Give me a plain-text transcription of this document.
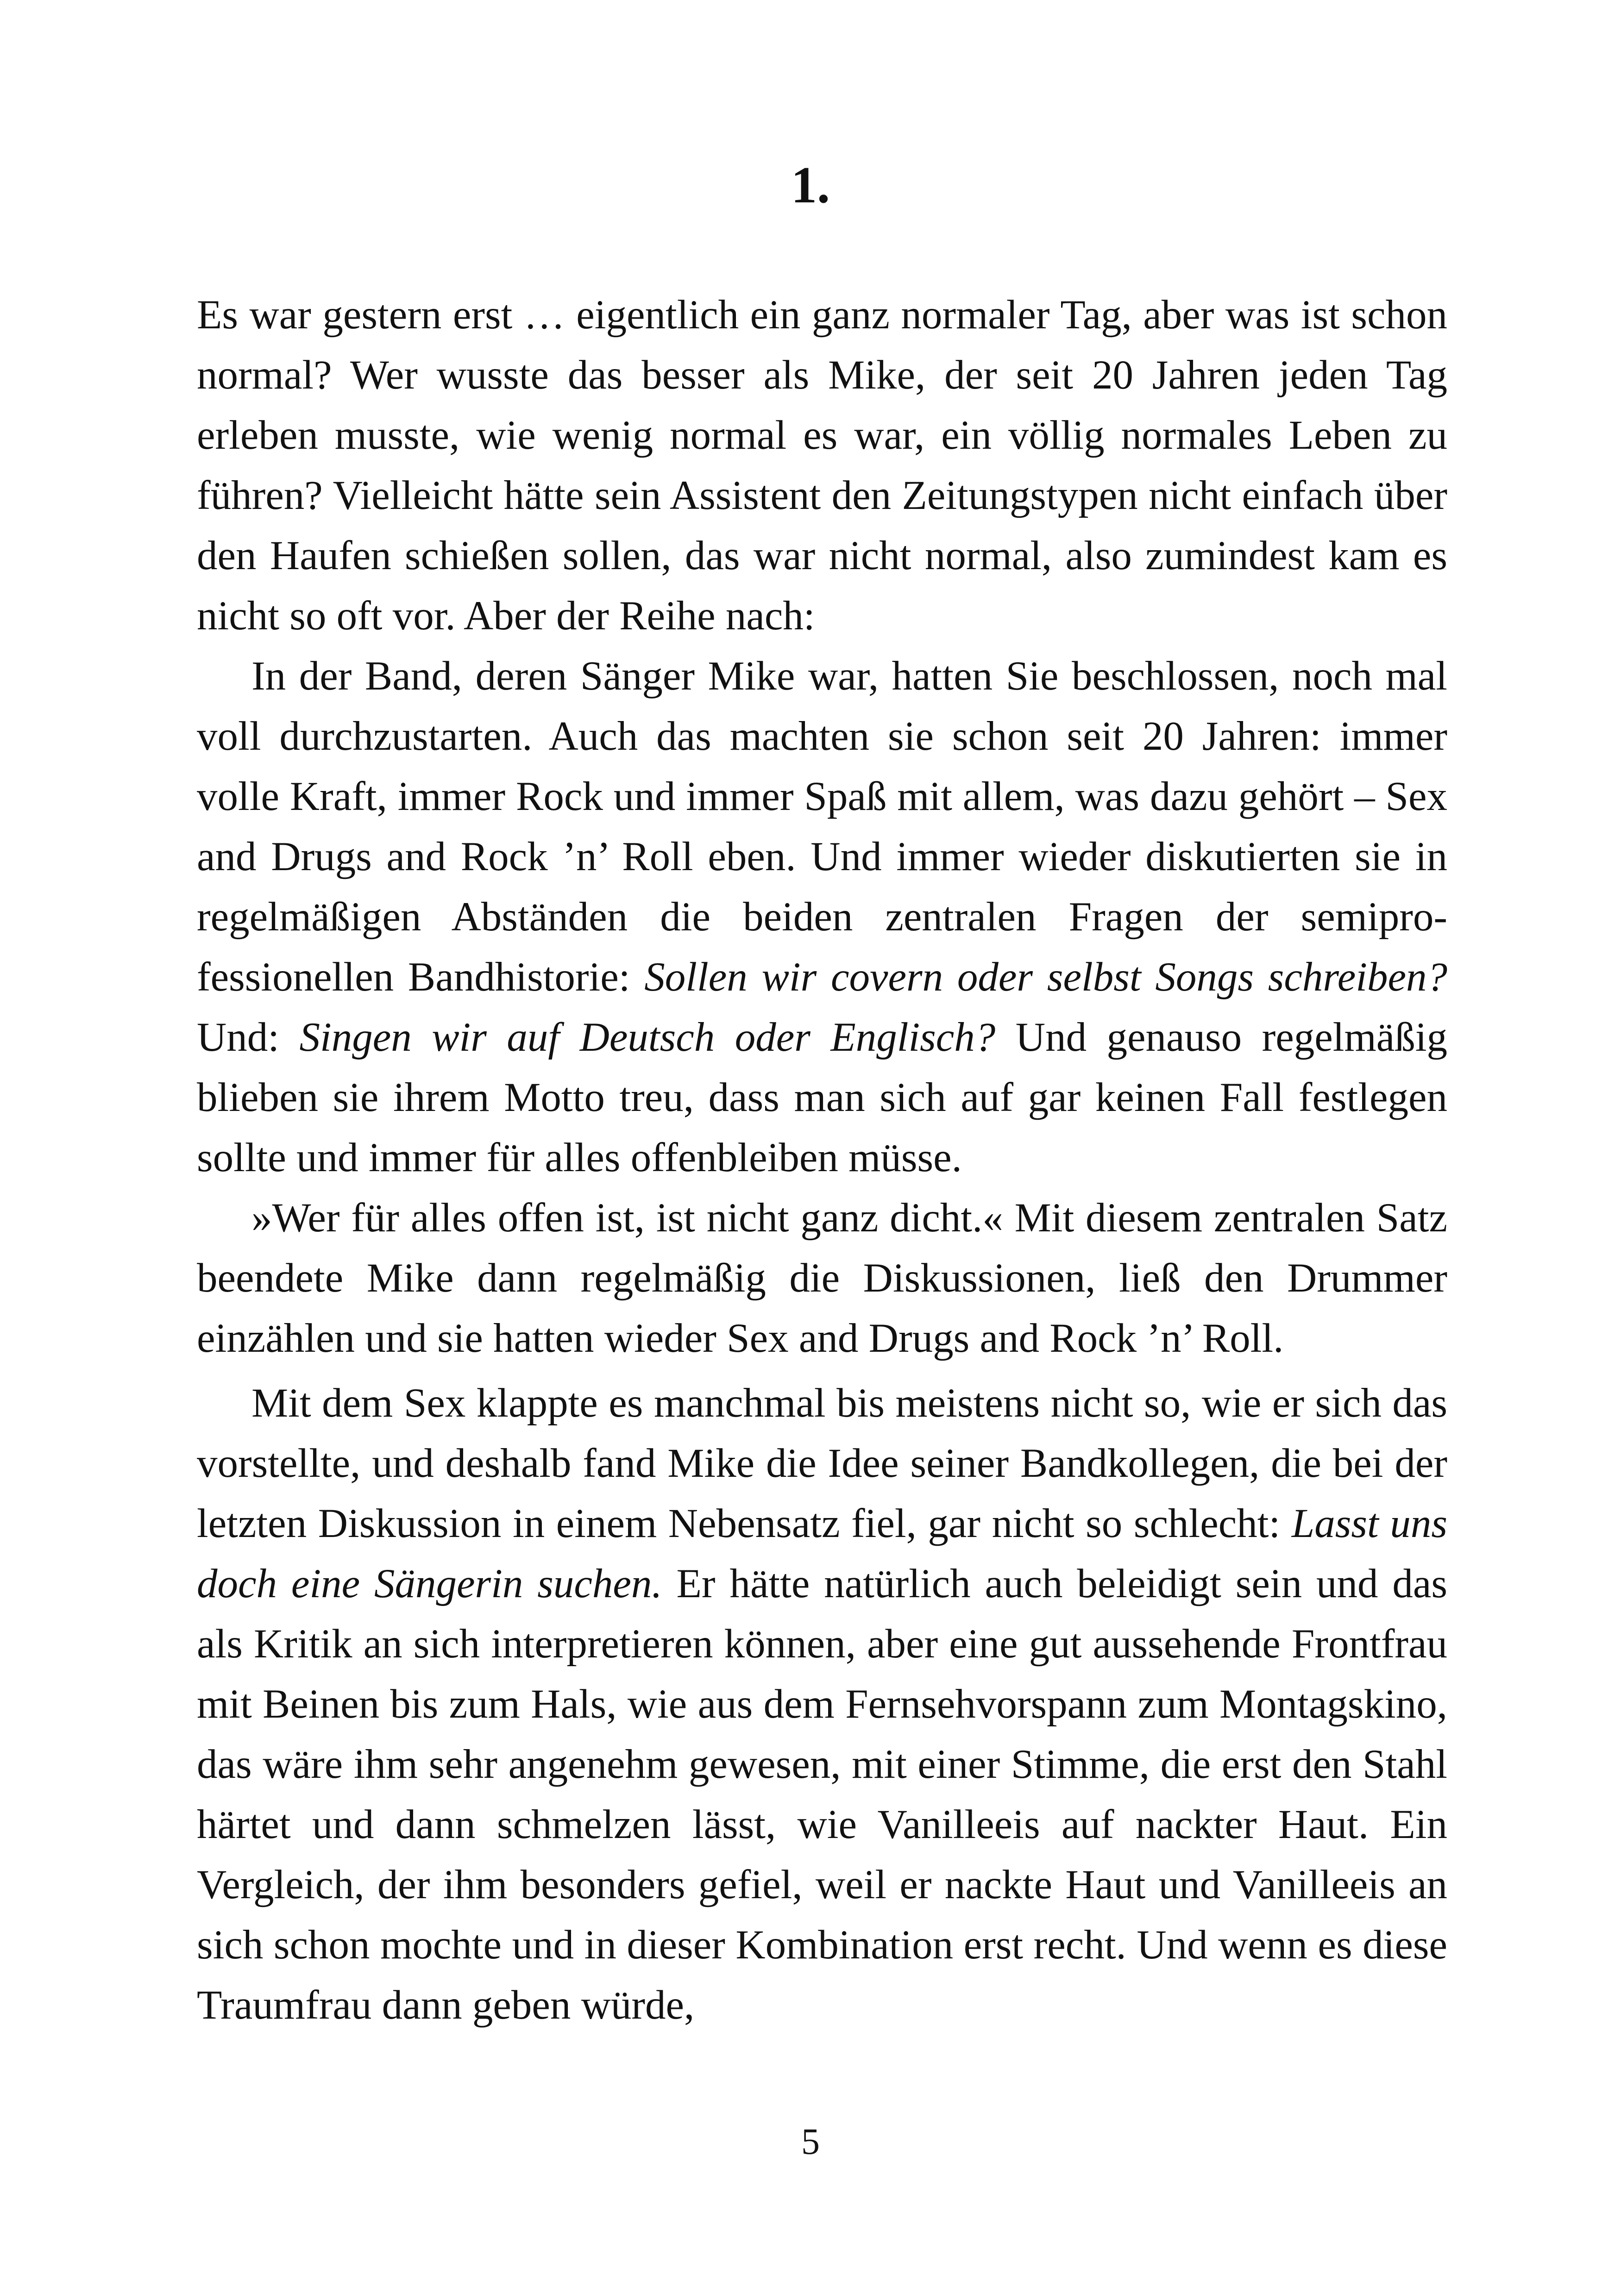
1.

Es war gestern erst … eigentlich ein ganz normaler Tag, aber was ist schon normal? Wer wusste das besser als Mike, der seit 20 Jahren jeden Tag erleben musste, wie wenig normal es war, ein völlig normales Leben zu führen? Vielleicht hätte sein Assistent den Zeitungstypen nicht einfach über den Haufen schießen sollen, das war nicht normal, also zumindest kam es nicht so oft vor. Aber der Reihe nach:

In der Band, deren Sänger Mike war, hatten Sie beschlossen, noch mal voll durchzustarten. Auch das machten sie schon seit 20 Jahren: immer volle Kraft, immer Rock und immer Spaß mit allem, was dazu gehört – Sex and Drugs and Rock ’n’ Roll eben. Und immer wieder diskutierten sie in regelmäßigen Abständen die beiden zentralen Fragen der semiprofessionellen Bandhistorie: Sollen wir covern oder selbst Songs schreiben? Und: Singen wir auf Deutsch oder Englisch? Und genauso regelmäßig blieben sie ihrem Motto treu, dass man sich auf gar keinen Fall festlegen sollte und immer für alles offenbleiben müsse.

»Wer für alles offen ist, ist nicht ganz dicht.« Mit diesem zentralen Satz beendete Mike dann regelmäßig die Diskussionen, ließ den Drummer einzählen und sie hatten wieder Sex and Drugs and Rock ’n’ Roll.

Mit dem Sex klappte es manchmal bis meistens nicht so, wie er sich das vorstellte, und deshalb fand Mike die Idee seiner Bandkollegen, die bei der letzten Diskussion in einem Nebensatz fiel, gar nicht so schlecht: Lasst uns doch eine Sängerin suchen. Er hätte natürlich auch beleidigt sein und das als Kritik an sich interpretieren können, aber eine gut aussehende Frontfrau mit Beinen bis zum Hals, wie aus dem Fernsehvorspann zum Montagskino, das wäre ihm sehr angenehm gewesen, mit einer Stimme, die erst den Stahl härtet und dann schmelzen lässt, wie Vanilleeis auf nackter Haut. Ein Vergleich, der ihm besonders gefiel, weil er nackte Haut und Vanilleeis an sich schon mochte und in dieser Kombination erst recht. Und wenn es diese Traumfrau dann geben würde,

5
